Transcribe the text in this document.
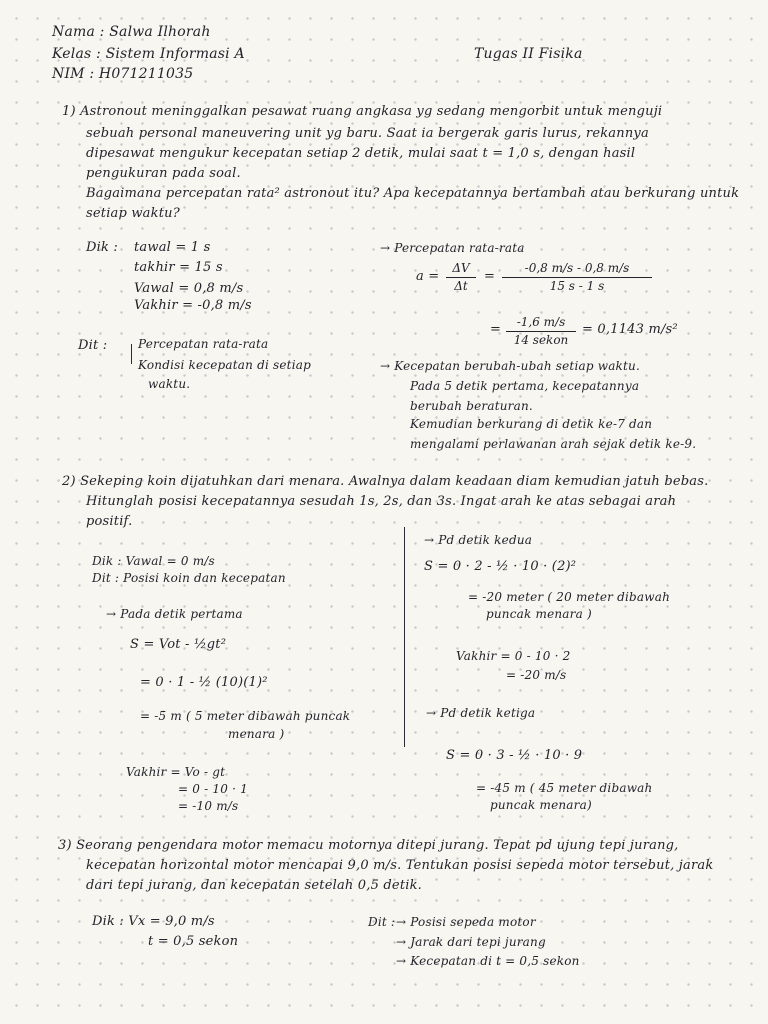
Nama : Salwa Ilhorah
Kelas : Sistem Informasi A
NIM : H071211035
Tugas II Fisika
1) Astronout meninggalkan pesawat ruang angkasa yg sedang mengorbit untuk menguji
sebuah personal maneuvering unit yg baru. Saat ia bergerak garis lurus, rekannya
dipesawat mengukur kecepatan setiap 2 detik, mulai saat t = 1,0 s, dengan hasil
pengukuran pada soal.
Bagaimana percepatan rata² astronout itu? Apa kecepatannya bertambah atau berkurang untuk
setiap waktu?
Dik : tawal = 1 s
takhir = 15 s
Vawal = 0,8 m/s
Vakhir = -0,8 m/s
Dit :	Percepatan rata-rata
Kondisi kecepatan di setiap
waktu.
→ Percepatan rata-rata
a =
ΔV
Δt
=
-0,8 m/s - 0,8 m/s
15 s - 1 s
=	-1,6 m/s
14 sekon
= 0,1143 m/s²
→ Kecepatan berubah-ubah setiap waktu.
Pada 5 detik pertama, kecepatannya
berubah beraturan.
Kemudian berkurang di detik ke-7 dan
mengalami perlawanan arah sejak detik ke-9.
2) Sekeping koin dijatuhkan dari menara. Awalnya dalam keadaan diam kemudian jatuh bebas.
Hitunglah posisi kecepatannya sesudah 1s, 2s, dan 3s. Ingat arah ke atas sebagai arah
positif.
Dik : Vawal = 0 m/s
Dit : Posisi koin dan kecepatan
→ Pada detik pertama
S = Vot - ½gt²
= 0 · 1 - ½ (10)(1)²
= -5 m ( 5 meter dibawah puncak
menara )
Vakhir = Vo - gt
= 0 - 10 · 1
= -10 m/s
→ Pd detik kedua
S = 0 · 2 - ½ · 10 · (2)²
= -20 meter ( 20 meter dibawah
puncak menara )
Vakhir = 0 - 10 · 2
= -20 m/s
→ Pd detik ketiga
S = 0 · 3 - ½ · 10 · 9
= -45 m ( 45 meter dibawah
puncak menara)
3) Seorang pengendara motor memacu motornya ditepi jurang. Tepat pd ujung tepi jurang,
kecepatan horizontal motor mencapai 9,0 m/s. Tentukan posisi sepeda motor tersebut, jarak
dari tepi jurang, dan kecepatan setelah 0,5 detik.
Dik : Vx = 9,0 m/s
t = 0,5 sekon
Dit : → Posisi sepeda motor
→ Jarak dari tepi jurang
→ Kecepatan di t = 0,5 sekon
